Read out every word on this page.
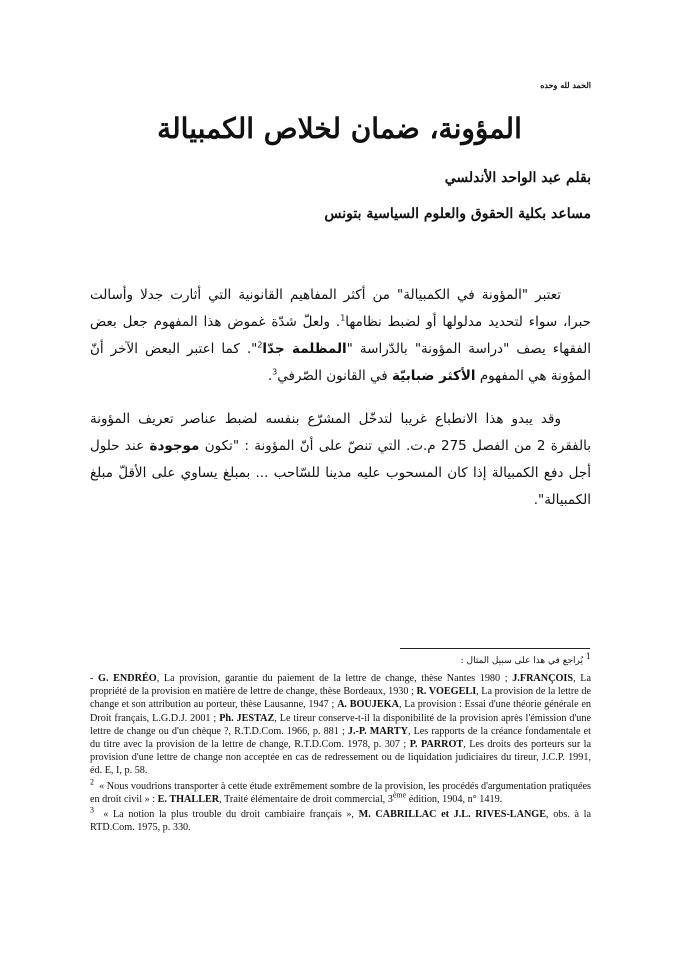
الحمد لله وحده
المؤونة، ضمان لخلاص الكمبيالة
بقلم عبد الواحد الأندلسي
مساعد بكلية الحقوق والعلوم السياسية بتونس

تعتبر "المؤونة في الكمبيالة" من أكثر المفاهيم القانونية التي أثارت جدلا وأسالت حبرا، سواء لتحديد مدلولها أو لضبط نظامها$^1$. ولعلّ شدّة غموض هذا المفهوم جعل بعض الفقهاء يصف "دراسة المؤونة" بالدّراسة "المظلمة جدّا$^2$". كما اعتبر البعض الآخر أنّ المؤونة هي المفهوم الأكثر ضبابيّة في القانون الصّرفي$^3$.

وقد يبدو هذا الانطباع غريبا لتدخّل المشرّع بنفسه لضبط عناصر تعريف المؤونة بالفقرة 2 من الفصل 275 م.ت. التي تنصّ على أنّ المؤونة : "تكون موجودة عند حلول أجل دفع الكمبيالة إذا كان المسحوب عليه مدينا للسّاحب ... بمبلغ يساوي على الأقلّ مبلغ الكمبيالة".

$^1$ يُراجع في هذا على سبيل المثال :

- G. ENDRÉO, La provision, garantie du paiement de la lettre de change, thèse Nantes 1980 ; J.FRANÇOIS, La propriété de la provision en matière de lettre de change, thèse Bordeaux, 1930 ; R. VOEGELI, La provision de la lettre de change et son attribution au porteur, thèse Lausanne, 1947 ; A. BOUJEKA, La provision : Essai d'une théorie générale en Droit français, L.G.D.J. 2001 ; Ph. JESTAZ, Le tireur conserve-t-il la disponibilité de la provision après l'émission d'une lettre de change ou d'un chèque ?, R.T.D.Com. 1966, p. 881 ; J.-P. MARTY, Les rapports de la créance fondamentale et du titre avec la provision de la lettre de change, R.T.D.Com. 1978, p. 307 ; P. PARROT, Les droits des porteurs sur la provision d'une lettre de change non acceptée en cas de redressement ou de liquidation judiciaires du tireur, J.C.P. 1991, éd. E, I, p. 58.

$^2$ « Nous voudrions transporter à cette étude extrêmement sombre de la provision, les procédés d'argumentation pratiquées en droit civil » : E. THALLER, Traité élémentaire de droit commercial, 3ème édition, 1904, n° 1419.

$^3$ « La notion la plus trouble du droit cambiaire français », M. CABRILLAC et J.L. RIVES-LANGE, obs. à la RTD.Com. 1975, p. 330.
